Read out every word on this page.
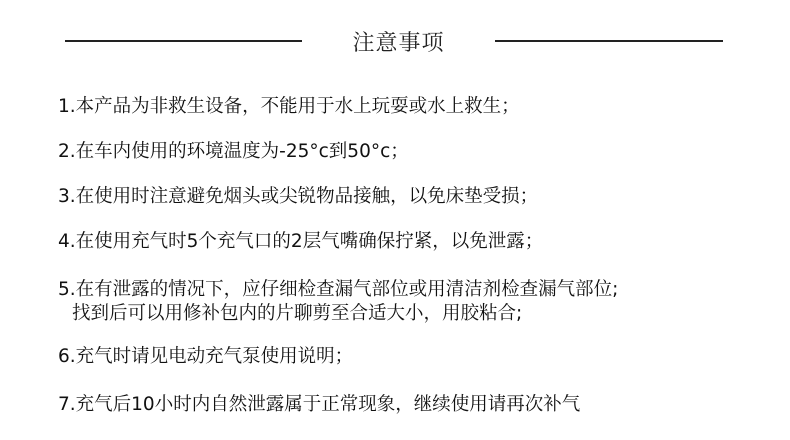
注意事项
1.本产品为非救生设备，不能用于水上玩耍或水上救生；
2.在车内使用的环境温度为-25°c到50°c；
3.在使用时注意避免烟头或尖锐物品接触，以免床垫受损；
4.在使用充气时5个充气口的2层气嘴确保拧紧，以免泄露；
5.在有泄露的情况下，应仔细检查漏气部位或用清洁剂检查漏气部位;
找到后可以用修补包内的片聊剪至合适大小，用胶粘合;
6.充气时请见电动充气泵使用说明；
7.充气后10小时内自然泄露属于正常现象，继续使用请再次补气
